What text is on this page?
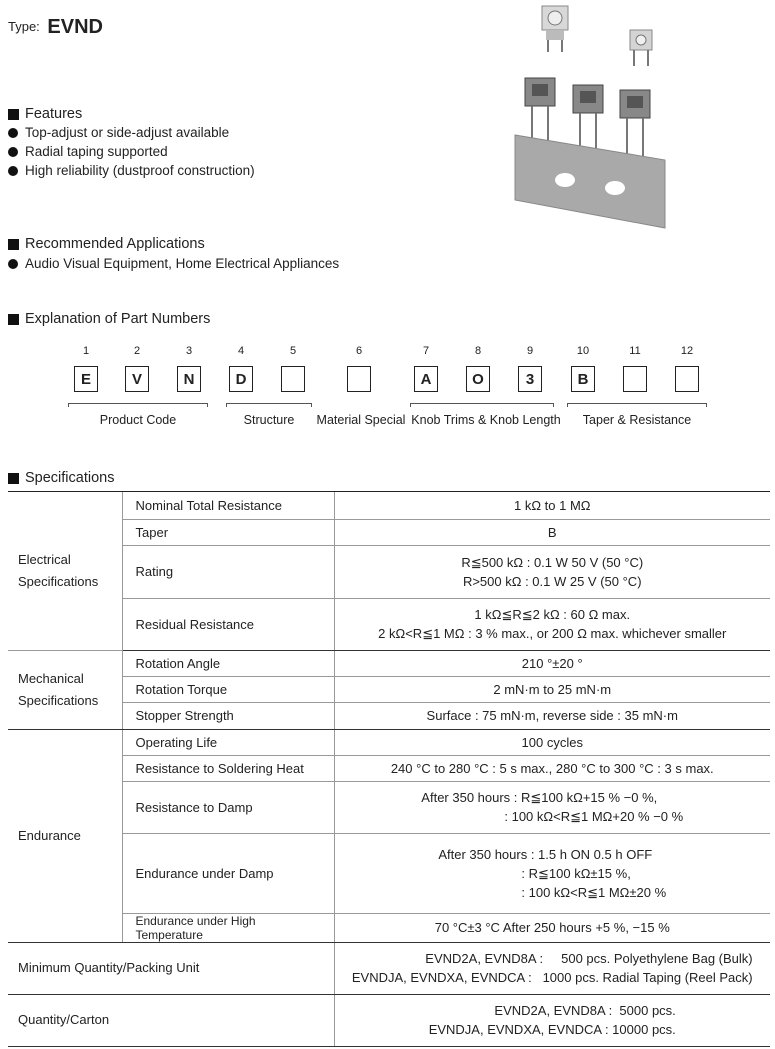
Type: EVND
Features
Top-adjust or side-adjust available
Radial taping supported
High reliability (dustproof construction)
Recommended Applications
Audio Visual Equipment, Home Electrical Appliances
Explanation of Part Numbers
1	2	3	4	5	6	7	8	9	10	11	12
E	V	N	D	A	O	3	B
Product Code	Structure	Material Special Knob Trims & Knob Length	Taper & Resistance
Specifications
Electrical
Specifications	Nominal Total Resistance	1 kΩ to 1 MΩ

	Taper	B

	Rating	R≦500 kΩ : 0.1 W 50 V (50 °C)
R>500 kΩ : 0.1 W 25 V (50 °C)

	Residual Resistance	1 kΩ≦R≦2 kΩ : 60 Ω max.
2 kΩ<R≦1 MΩ : 3 % max., or 200 Ω max. whichever smaller

Mechanical
Specifications	Rotation Angle	210 °±20 °

	Rotation Torque	2 mN·m to 25 mN·m

	Stopper Strength	Surface : 75 mN·m, reverse side : 35 mN·m

Endurance	Operating Life	100 cycles

	Resistance to Soldering Heat	240 °C to 280 °C : 5 s max., 280 °C to 300 °C : 3 s max.

	Resistance to Damp	After 350 hours : R≦100 kΩ+15 % −0 %,
: 100 kΩ<R≦1 MΩ+20 % −0 %

	Endurance under Damp	After 350 hours : 1.5 h ON 0.5 h OFF
: R≦100 kΩ±15 %,
: 100 kΩ<R≦1 MΩ±20 %

	Endurance under High Temperature	70 °C±3 °C After 250 hours +5 %, −15 %

Minimum Quantity/Packing Unit		EVND2A, EVND8A :     500 pcs. Polyethylene Bag (Bulk)
EVNDJA, EVNDXA, EVNDCA :   1000 pcs. Radial Taping (Reel Pack)

Quantity/Carton		EVND2A, EVND8A :  5000 pcs.
EVNDJA, EVNDXA, EVNDCA : 10000 pcs.
